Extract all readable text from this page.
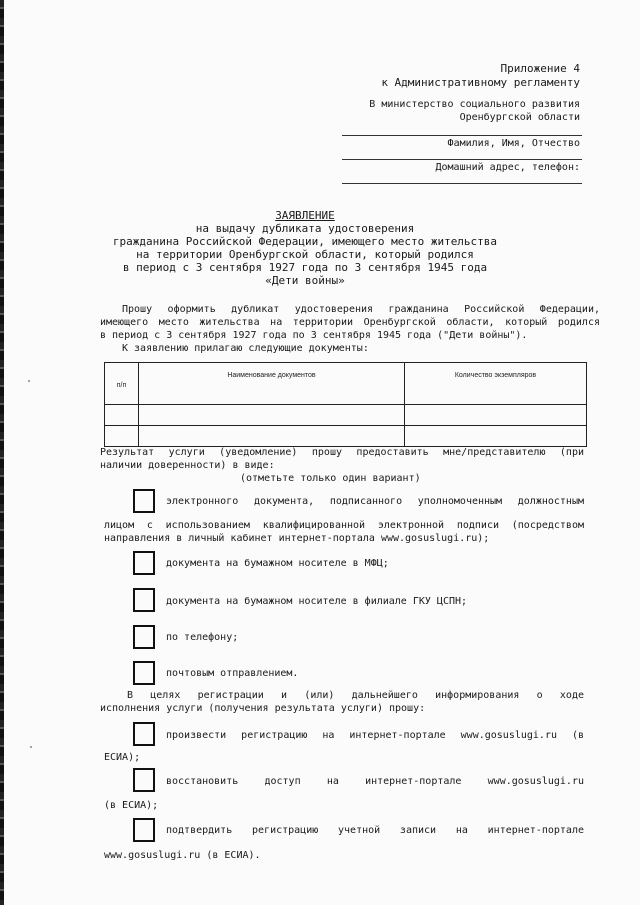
Приложение 4
к Административному регламенту
В министерство социального развития
Оренбургской области
Фамилия, Имя, Отчество
Домашний адрес, телефон:
ЗАЯВЛЕНИЕ
на выдачу дубликата удостоверения
гражданина Российской Федерации, имеющего место жительства
на территории Оренбургской области, который родился
в период с 3 сентября 1927 года по 3 сентября 1945 года
«Дети войны»
Прошу оформить дубликат удостоверения гражданина Российской Федерации,
имеющего место жительства на территории Оренбургской области, который родился
в период с 3 сентября 1927 года по 3 сентября 1945 года ("Дети войны").
К заявлению прилагаю следующие документы:
п/п	Наименование документов	Количество экземпляров

Результат услуги (уведомление) прошу предоставить мне/представителю (при
наличии доверенности) в виде:
(отметьте только один вариант)
электронного документа, подписанного уполномоченным должностным
лицом с использованием квалифицированной электронной подписи (посредством
направления в личный кабинет интернет-портала www.gosuslugi.ru);
документа на бумажном носителе в МФЦ;
документа на бумажном носителе в филиале ГКУ ЦСПН;
по телефону;
почтовым отправлением.
В целях регистрации и (или) дальнейшего информирования о ходе
исполнения услуги (получения результата услуги) прошу:
произвести регистрацию на интернет-портале www.gosuslugi.ru (в
ЕСИА);
восстановить доступ на интернет-портале www.gosuslugi.ru
(в ЕСИА);
подтвердить регистрацию учетной записи на интернет-портале
www.gosuslugi.ru (в ЕСИА).
